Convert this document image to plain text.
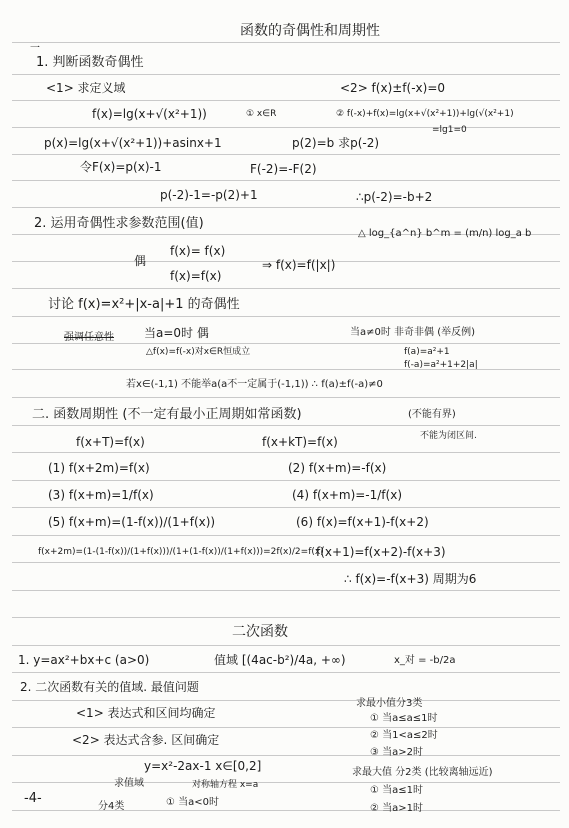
函数的奇偶性和周期性
一
1. 判断函数奇偶性
<1> 求定义域	<2> f(x)±f(-x)=0
f(x)=lg(x+√(x²+1))	① x∈R	② f(-x)+f(x)=lg(x+√(x²+1))+lg(√(x²+1)
=lg1=0
p(x)=lg(x+√(x²+1))+asinx+1	p(2)=b 求p(-2)
令F(x)=p(x)-1	F(-2)=-F(2)
p(-2)-1=-p(2)+1	∴p(-2)=-b+2
2. 运用奇偶性求参数范围(值)
△ log_{a^n} b^m = (m/n) log_a b
偶
f(x)= f(x)
f(x)=f(x)
⇒ f(x)=f(|x|)
讨论 f(x)=x²+|x-a|+1 的奇偶性
强调任意性	当a=0时 偶	当a≠0时 非奇非偶 (举反例)
△f(x)=f(-x)对x∈R恒成立	f(a)=a²+1
f(-a)=a²+1+2|a|
若x∈(-1,1) 不能举a(a不一定属于(-1,1)) ∴ f(a)±f(-a)≠0
二. 函数周期性 (不一定有最小正周期如常函数)	(不能有界)
不能为闭区间.
f(x+T)=f(x)	f(x+kT)=f(x)
(1) f(x+2m)=f(x)	(2) f(x+m)=-f(x)
(3) f(x+m)=1/f(x)	(4) f(x+m)=-1/f(x)
(5) f(x+m)=(1-f(x))/(1+f(x))	(6) f(x)=f(x+1)-f(x+2)
f(x+2m)=(1-(1-f(x))/(1+f(x)))/(1+(1-f(x))/(1+f(x)))=2f(x)/2=f(x)
f(x+1)=f(x+2)-f(x+3)
∴ f(x)=-f(x+3) 周期为6
二次函数
1. y=ax²+bx+c (a>0)	值域 [(4ac-b²)/4a, +∞)	x_对 = -b/2a
2. 二次函数有关的值域. 最值问题
<1> 表达式和区间均确定
<2> 表达式含参. 区间确定
求最小值分3类
① 当a≤a≤1时
② 当1<a≤2时
③ 当a>2时
y=x²-2ax-1 x∈[0,2]	求最大值 分2类 (比较离轴远近)
① 当a≤1时
② 当a>1时
求值域	对称轴方程 x=a
分4类	① 当a<0时
-4-
